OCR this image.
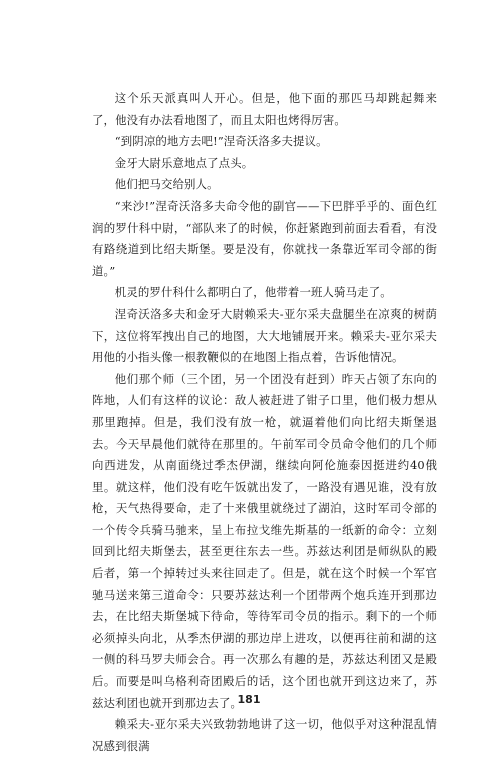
这个乐天派真叫人开心。但是，他下面的那匹马却跳起舞来了，他没有办法看地图了，而且太阳也烤得厉害。

“到阴凉的地方去吧!”涅奇沃洛多夫提议。

金牙大尉乐意地点了点头。

他们把马交给别人。

“来沙!”涅奇沃洛多夫命令他的副官——下巴胖乎乎的、面色红润的罗什科中尉，“部队来了的时候，你赶紧跑到前面去看看，有没有路绕道到比绍夫斯堡。要是没有，你就找一条靠近军司令部的街道。”

机灵的罗什科什么都明白了，他带着一班人骑马走了。

涅奇沃洛多夫和金牙大尉赖采夫-亚尔采夫盘腿坐在凉爽的树荫下，这位将军拽出自己的地图，大大地铺展开来。赖采夫-亚尔采夫用他的小指头像一根教鞭似的在地图上指点着，告诉他情况。

他们那个师（三个团，另一个团没有赶到）昨天占领了东向的阵地，人们有这样的议论：敌人被赶进了钳子口里，他们极力想从那里跑掉。但是，我们没有放一枪，就逼着他们向比绍夫斯堡退去。今天早晨他们就待在那里的。午前军司令员命令他们的几个师向西进发，从南面绕过季杰伊湖，继续向阿伦施泰因挺进约40俄里。就这样，他们没有吃午饭就出发了，一路没有遇见谁，没有放枪，天气热得要命，走了十来俄里就绕过了湖泊，这时军司令部的一个传令兵骑马驰来，呈上布拉戈维先斯基的一纸新的命令：立刻回到比绍夫斯堡去，甚至更往东去一些。苏兹达利团是师纵队的殿后者，第一个掉转过头来往回走了。但是，就在这个时候一个军官驰马送来第三道命令：只要苏兹达利一个团带两个炮兵连开到那边去，在比绍夫斯堡城下待命，等待军司令员的指示。剩下的一个师必须掉头向北，从季杰伊湖的那边岸上进攻，以便再往前和湖的这一侧的科马罗夫师会合。再一次那么有趣的是，苏兹达利团又是殿后。而要是叫乌格利奇团殿后的话，这个团也就开到这边来了，苏兹达利团也就开到那边去了。

赖采夫-亚尔采夫兴致勃勃地讲了这一切，他似乎对这种混乱情况感到很满

181
